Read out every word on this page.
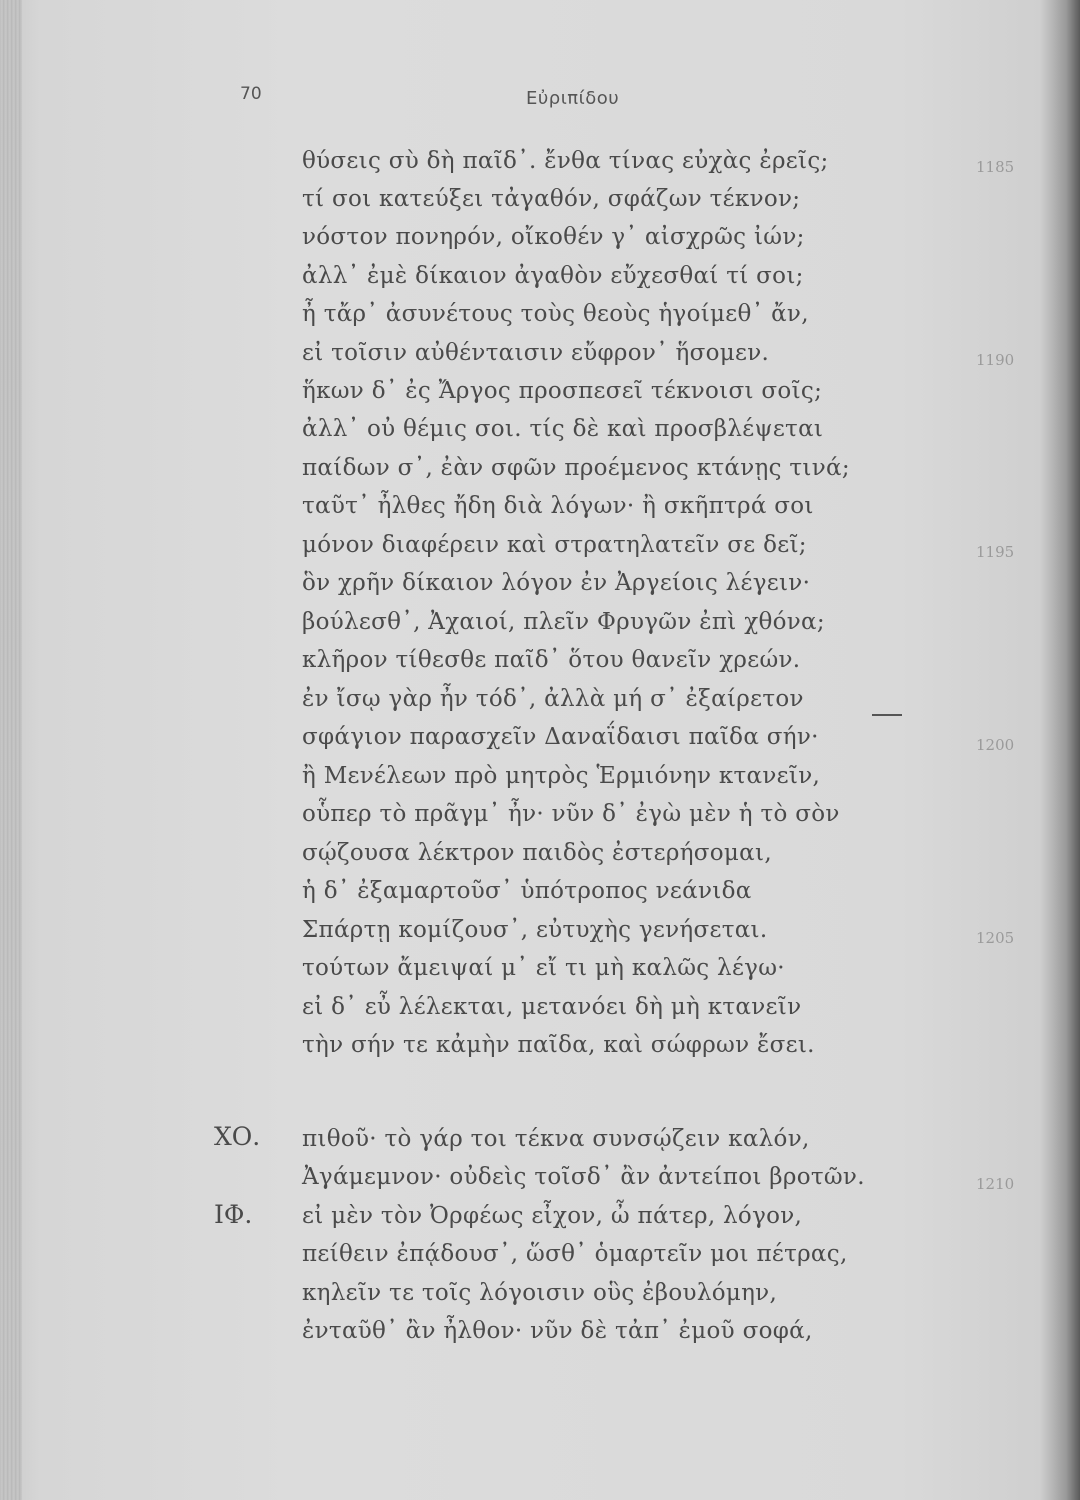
70	Εὐριπίδου
θύσεις σὺ δὴ παῖδ᾽. ἔνθα τίνας εὐχὰς ἐρεῖς;
τί σοι κατεύξει τἀγαθόν, σφάζων τέκνον;
νόστον πονηρόν, οἴκοθέν γ᾽ αἰσχρῶς ἰών;
ἀλλ᾽ ἐμὲ δίκαιον ἀγαθὸν εὔχεσθαί τί σοι;
ἦ τἄρ᾽ ἀσυνέτους τοὺς θεοὺς ἡγοίμεθ᾽ ἄν,
εἰ τοῖσιν αὐθένταισιν εὔφρον᾽ ἥσομεν.
ἥκων δ᾽ ἐς Ἄργος προσπεσεῖ τέκνοισι σοῖς;
ἀλλ᾽ οὐ θέμις σοι. τίς δὲ καὶ προσβλέψεται
παίδων σ᾽, ἐὰν σφῶν προέμενος κτάνῃς τινά;
ταῦτ᾽ ἦλθες ἤδη διὰ λόγων· ἢ σκῆπτρά σοι
μόνον διαφέρειν καὶ στρατηλατεῖν σε δεῖ;
ὃν χρῆν δίκαιον λόγον ἐν Ἀργείοις λέγειν·
βούλεσθ᾽, Ἀχαιοί, πλεῖν Φρυγῶν ἐπὶ χθόνα;
κλῆρον τίθεσθε παῖδ᾽ ὅτου θανεῖν χρεών.
ἐν ἴσῳ γὰρ ἦν τόδ᾽, ἀλλὰ μή σ᾽ ἐξαίρετον
σφάγιον παρασχεῖν Δαναΐδαισι παῖδα σήν·
ἢ Μενέλεων πρὸ μητρὸς Ἑρμιόνην κτανεῖν,
οὗπερ τὸ πρᾶγμ᾽ ἦν· νῦν δ᾽ ἐγὼ μὲν ἡ τὸ σὸν
σῴζουσα λέκτρον παιδὸς ἐστερήσομαι,
ἡ δ᾽ ἐξαμαρτοῦσ᾽ ὑπότροπος νεάνιδα
Σπάρτῃ κομίζουσ᾽, εὐτυχὴς γενήσεται.
τούτων ἄμειψαί μ᾽ εἴ τι μὴ καλῶς λέγω·
εἰ δ᾽ εὖ λέλεκται, μετανόει δὴ μὴ κτανεῖν
τὴν σήν τε κἀμὴν παῖδα, καὶ σώφρων ἔσει.
ΧΟ. πιθοῦ· τὸ γάρ τοι τέκνα συνσῴζειν καλόν,
Ἀγάμεμνον· οὐδεὶς τοῖσδ᾽ ἂν ἀντείποι βροτῶν.
ΙΦ. εἰ μὲν τὸν Ὀρφέως εἶχον, ὦ πάτερ, λόγον,
πείθειν ἐπᾴδουσ᾽, ὥσθ᾽ ὁμαρτεῖν μοι πέτρας,
κηλεῖν τε τοῖς λόγοισιν οὓς ἐβουλόμην,
ἐνταῦθ᾽ ἂν ἦλθον· νῦν δὲ τἀπ᾽ ἐμοῦ σοφά,
1185
1190
1195
1200
1205
1210
